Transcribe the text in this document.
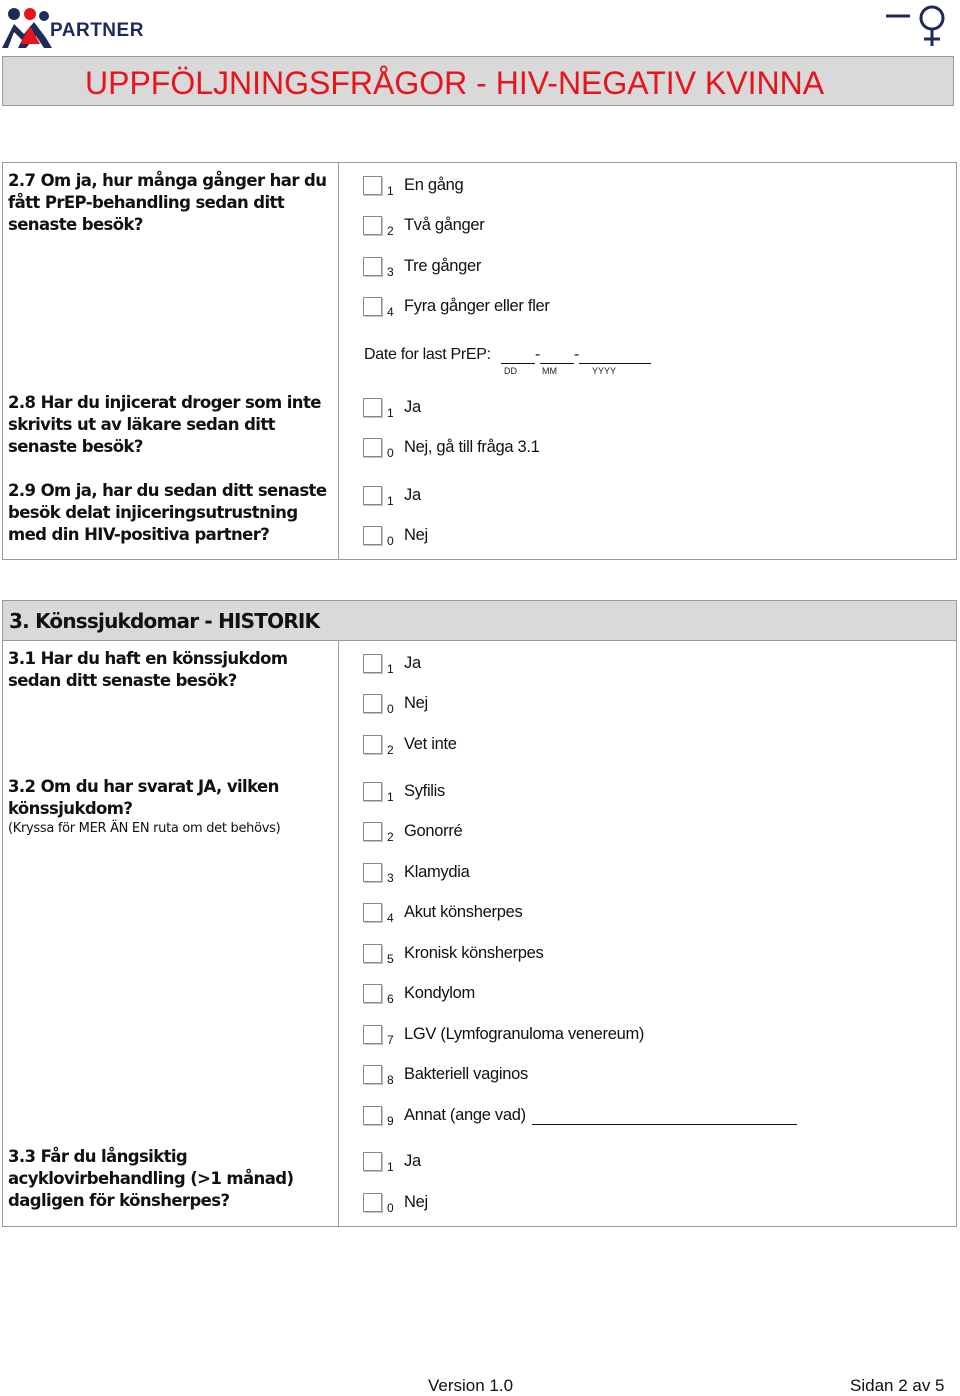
PARTNER
UPPFÖLJNINGSFRÅGOR - HIV-NEGATIV KVINNA
2.7 Om ja, hur många gånger har du fått PrEP-behandling sedan ditt senaste besök?
1 En gång
2 Två gånger
3 Tre gånger
4 Fyra gånger eller fler
Date for last PrEP:	- -
DD	MM	YYYY
2.8 Har du injicerat droger som inte skrivits ut av läkare sedan ditt senaste besök?
1 Ja
0 Nej, gå till fråga 3.1
2.9 Om ja, har du sedan ditt senaste besök delat injiceringsutrustning med din HIV-positiva partner?
1 Ja
0 Nej
3. Könssjukdomar - HISTORIK
3.1 Har du haft en könssjukdom sedan ditt senaste besök?
1 Ja
0 Nej
2 Vet inte
3.2 Om du har svarat JA, vilken könssjukdom?
(Kryssa för MER ÄN EN ruta om det behövs)
1 Syfilis
2 Gonorré
3 Klamydia
4 Akut könsherpes
5 Kronisk könsherpes
6 Kondylom
7 LGV (Lymfogranuloma venereum)
8 Bakteriell vaginos
9 Annat (ange vad)
3.3 Får du långsiktig acyklovirbehandling (>1 månad) dagligen för könsherpes?
1 Ja
0 Nej
Version 1.0	Sidan 2 av 5
